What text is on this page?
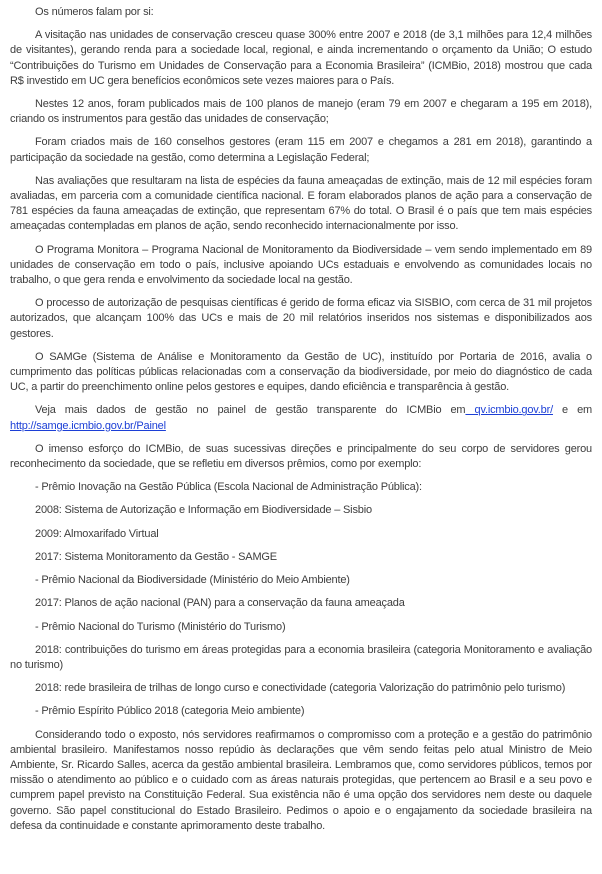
Os números falam por si:

A visitação nas unidades de conservação cresceu quase 300% entre 2007 e 2018 (de 3,1 milhões para 12,4 milhões de visitantes), gerando renda para a sociedade local, regional, e ainda incrementando o orçamento da União; O estudo “Contribuições do Turismo em Unidades de Conservação para a Economia Brasileira” (ICMBio, 2018) mostrou que cada R$ investido em UC gera benefícios econômicos sete vezes maiores para o País.

Nestes 12 anos, foram publicados mais de 100 planos de manejo (eram 79 em 2007 e chegaram a 195 em 2018), criando os instrumentos para gestão das unidades de conservação;

Foram criados mais de 160 conselhos gestores (eram 115 em 2007 e chegamos a 281 em 2018), garantindo a participação da sociedade na gestão, como determina a Legislação Federal;

Nas avaliações que resultaram na lista de espécies da fauna ameaçadas de extinção, mais de 12 mil espécies foram avaliadas, em parceria com a comunidade científica nacional. E foram elaborados planos de ação para a conservação de 781 espécies da fauna ameaçadas de extinção, que representam 67% do total. O Brasil é o país que tem mais espécies ameaçadas contempladas em planos de ação, sendo reconhecido internacionalmente por isso.

O Programa Monitora – Programa Nacional de Monitoramento da Biodiversidade – vem sendo implementado em 89 unidades de conservação em todo o país, inclusive apoiando UCs estaduais e envolvendo as comunidades locais no trabalho, o que gera renda e envolvimento da sociedade local na gestão.

O processo de autorização de pesquisas científicas é gerido de forma eficaz via SISBIO, com cerca de 31 mil projetos autorizados, que alcançam 100% das UCs e mais de 20 mil relatórios inseridos nos sistemas e disponibilizados aos gestores.

O SAMGe (Sistema de Análise e Monitoramento da Gestão de UC), instituído por Portaria de 2016, avalia o cumprimento das políticas públicas relacionadas com a conservação da biodiversidade, por meio do diagnóstico de cada UC, a partir do preenchimento online pelos gestores e equipes, dando eficiência e transparência à gestão.

Veja mais dados de gestão no painel de gestão transparente do ICMBio em qv.icmbio.gov.br/ e em http://samge.icmbio.gov.br/Painel

O imenso esforço do ICMBio, de suas sucessivas direções e principalmente do seu corpo de servidores gerou reconhecimento da sociedade, que se refletiu em diversos prêmios, como por exemplo:

- Prêmio Inovação na Gestão Pública (Escola Nacional de Administração Pública):

2008: Sistema de Autorização e Informação em Biodiversidade – Sisbio

2009: Almoxarifado Virtual

2017: Sistema Monitoramento da Gestão - SAMGE

- Prêmio Nacional da Biodiversidade (Ministério do Meio Ambiente)

2017: Planos de ação nacional (PAN) para a conservação da fauna ameaçada

- Prêmio Nacional do Turismo (Ministério do Turismo)

2018: contribuições do turismo em áreas protegidas para a economia brasileira (categoria Monitoramento e avaliação no turismo)

2018: rede brasileira de trilhas de longo curso e conectividade (categoria Valorização do patrimônio pelo turismo)

- Prêmio Espírito Público 2018 (categoria Meio ambiente)

Considerando todo o exposto, nós servidores reafirmamos o compromisso com a proteção e a gestão do patrimônio ambiental brasileiro. Manifestamos nosso repúdio às declarações que vêm sendo feitas pelo atual Ministro de Meio Ambiente, Sr. Ricardo Salles, acerca da gestão ambiental brasileira. Lembramos que, como servidores públicos, temos por missão o atendimento ao público e o cuidado com as áreas naturais protegidas, que pertencem ao Brasil e a seu povo e cumprem papel previsto na Constituição Federal. Sua existência não é uma opção dos servidores nem deste ou daquele governo. São papel constitucional do Estado Brasileiro. Pedimos o apoio e o engajamento da sociedade brasileira na defesa da continuidade e constante aprimoramento deste trabalho.
